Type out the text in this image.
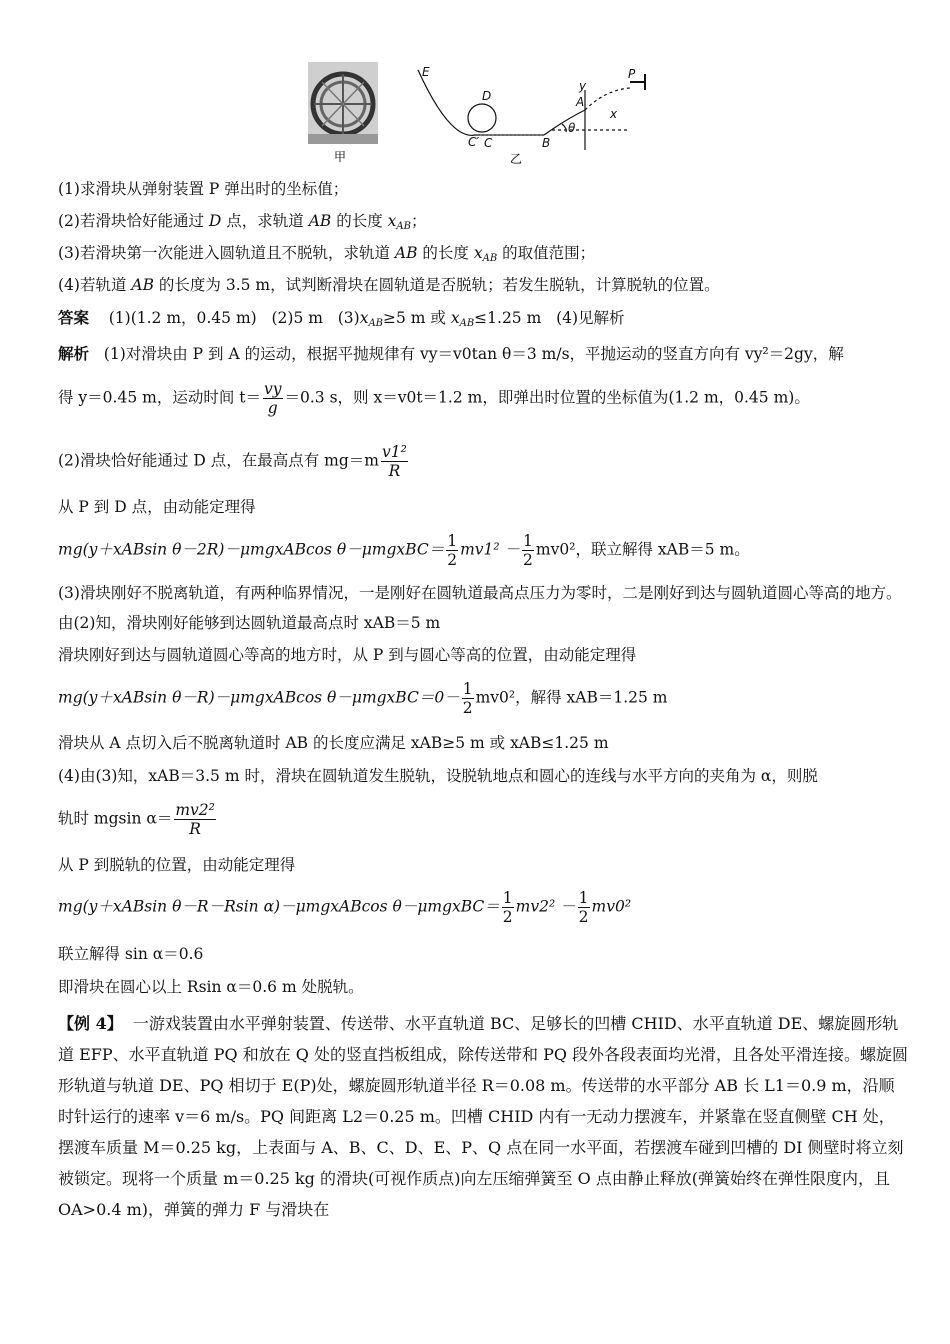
甲
E
D
C′ C	B
A
P
y
x
θ
乙
(1)求滑块从弹射装置 P 弹出时的坐标值；
(2)若滑块恰好能通过 D 点，求轨道 AB 的长度 $x_{AB}$；
(3)若滑块第一次能进入圆轨道且不脱轨，求轨道 AB 的长度 $x_{AB}$ 的取值范围；
(4)若轨道 AB 的长度为 3.5 m，试判断滑块在圆轨道是否脱轨；若发生脱轨，计算脱轨的位置。
答案 (1)(1.2 m，0.45 m) (2)5 m $(3)x_{AB}\ge 5$ m 或 $x_{AB}\le 1.25$ m (4)见解析
解析 (1)对滑块由 P 到 A 的运动，根据平抛规律有 vy＝v0tan θ＝3 m/s，平抛运动的竖直方向有 vy²＝2gy，解
得 y＝0.45 m，运动时间 $t= \frac{vy}{g} =0.3$ s，则 x＝v0t＝1.2 m，即弹出时位置的坐标值为(1.2 m，0.45 m)。
(2)滑块恰好能通过 D 点，在最高点有 $mg=m \frac{\text{v1²}}{R}$
从 P 到 D 点，由动能定理得
mg(y＋xABsin θ－2R)－μmgxABcos θ－μmgxBC＝ $\frac{1}{2} mv1^2 - \frac{1}{2} mv0^2$，联立解得 xAB＝5 m。
(3)滑块刚好不脱离轨道，有两种临界情况，一是刚好在圆轨道最高点压力为零时，二是刚好到达与圆轨道圆心等高的地方。由(2)知，滑块刚好能够到达圆轨道最高点时 xAB＝5 m
滑块刚好到达与圆轨道圆心等高的地方时，从 P 到与圆心等高的位置，由动能定理得
mg(y＋xABsin θ－R)－μmgxABcos θ－μmgxBC＝0－ $\frac{1}{2} mv0^2$，解得 xAB＝1.25 m
滑块从 A 点切入后不脱离轨道时 AB 的长度应满足 xAB≥5 m 或 xAB≤1.25 m
(4)由(3)知，xAB＝3.5 m 时，滑块在圆轨道发生脱轨，设脱轨地点和圆心的连线与水平方向的夹角为 α，则脱
轨时 mgsin $\alpha= \frac{\text{mv2²}}{R}$
从 P 到脱轨的位置，由动能定理得
mg(y＋xABsin θ－R－Rsin α)－μmgxABcos θ－μmgxBC＝ $\frac{1}{2} mv2^2 - \frac{1}{2} mv0^2$
联立解得 sin α＝0.6
即滑块在圆心以上 Rsin α＝0.6 m 处脱轨。
【例 4】 一游戏装置由水平弹射装置、传送带、水平直轨道 BC、足够长的凹槽 CHID、水平直轨道 DE、螺旋圆形轨道 EFP、水平直轨道 PQ 和放在 Q 处的竖直挡板组成，除传送带和 PQ 段外各段表面均光滑，且各处平滑连接。螺旋圆形轨道与轨道 DE、PQ 相切于 E(P)处，螺旋圆形轨道半径 R＝0.08 m。传送带的水平部分 AB 长 L1＝0.9 m，沿顺时针运行的速率 v＝6 m/s。PQ 间距离 L2＝0.25 m。凹槽 CHID 内有一无动力摆渡车，并紧靠在竖直侧壁 CH 处，摆渡车质量 M＝0.25 kg，上表面与 A、B、C、D、E、P、Q 点在同一水平面，若摆渡车碰到凹槽的 DI 侧壁时将立刻被锁定。现将一个质量 m＝0.25 kg 的滑块(可视作质点)向左压缩弹簧至 O 点由静止释放(弹簧始终在弹性限度内，且 OA>0.4 m)，弹簧的弹力 F 与滑块在
